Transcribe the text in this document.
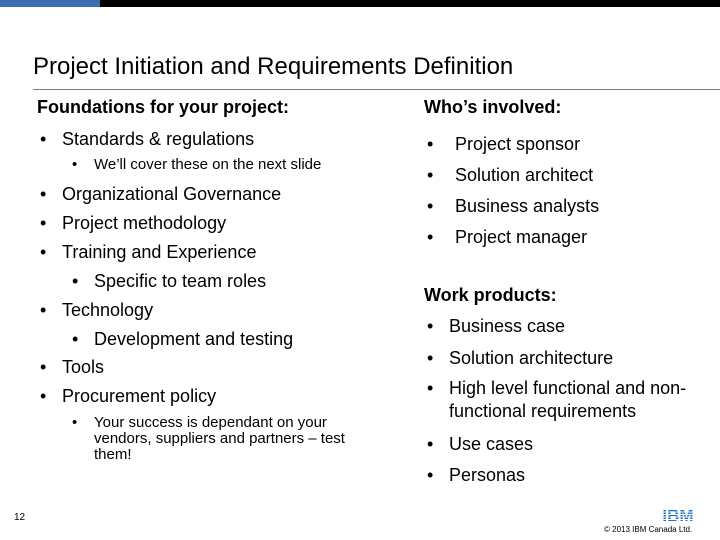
Project Initiation and Requirements Definition
Foundations for your project:
• Standards & regulations
• We’ll cover these on the next slide
• Organizational Governance
• Project methodology
• Training and Experience
• Specific to team roles
• Technology
• Development and testing
• Tools
• Procurement policy
• Your success is dependant on your vendors, suppliers and partners – test them!
Who’s involved:
• Project sponsor
• Solution architect
• Business analysts
• Project manager
Work products:
• Business case
• Solution architecture
• High level functional and non-functional requirements
• Use cases
• Personas
12
© 2013 IBM Canada Ltd.
